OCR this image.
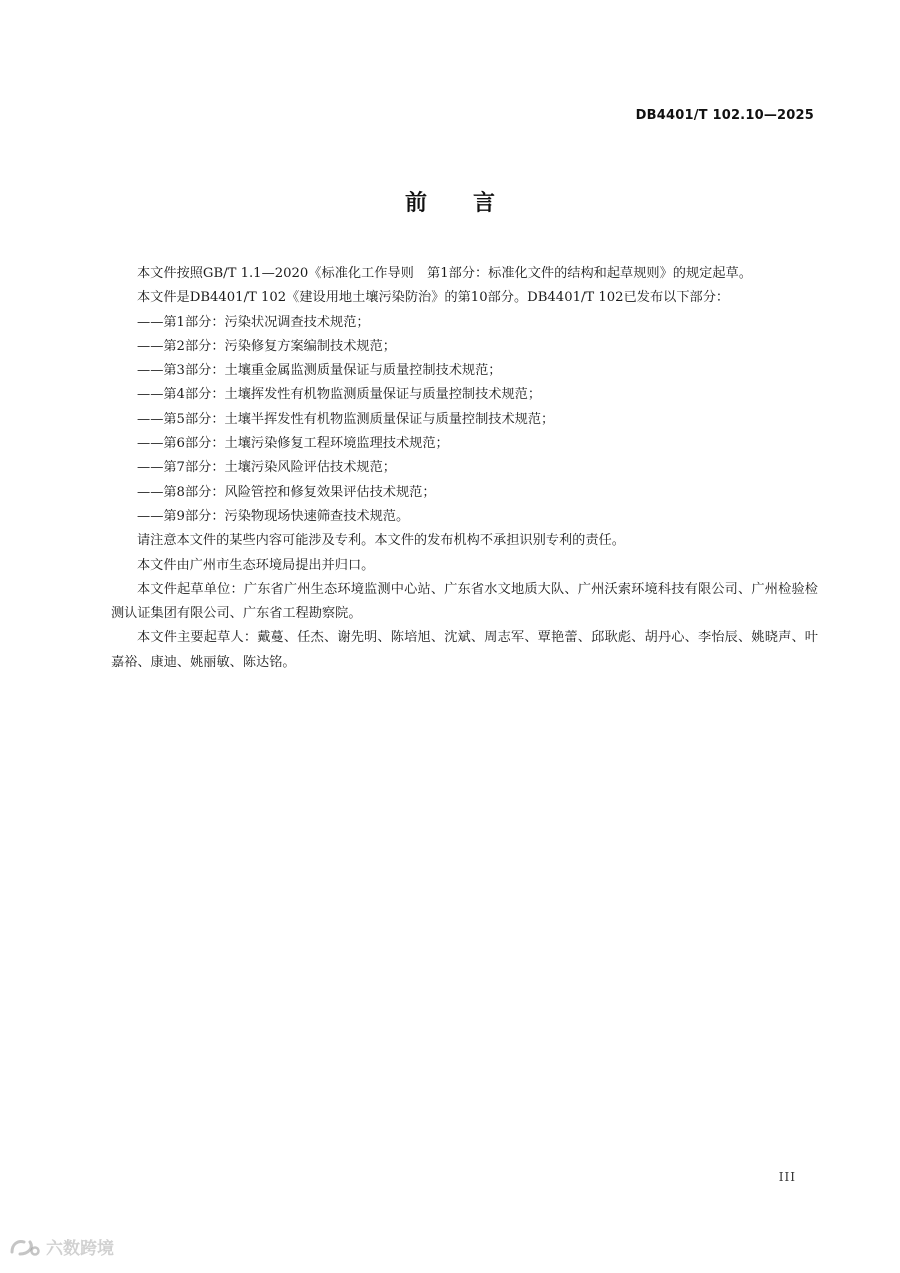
DB4401/T 102.10—2025
前言

本文件按照GB/T 1.1—2020《标准化工作导则　第1部分：标准化文件的结构和起草规则》的规定起草。

本文件是DB4401/T 102《建设用地土壤污染防治》的第10部分。DB4401/T 102已发布以下部分：

——第1部分：污染状况调查技术规范；
——第2部分：污染修复方案编制技术规范；
——第3部分：土壤重金属监测质量保证与质量控制技术规范；
——第4部分：土壤挥发性有机物监测质量保证与质量控制技术规范；
——第5部分：土壤半挥发性有机物监测质量保证与质量控制技术规范；
——第6部分：土壤污染修复工程环境监理技术规范；
——第7部分：土壤污染风险评估技术规范；
——第8部分：风险管控和修复效果评估技术规范；
——第9部分：污染物现场快速筛查技术规范。

请注意本文件的某些内容可能涉及专利。本文件的发布机构不承担识别专利的责任。

本文件由广州市生态环境局提出并归口。

本文件起草单位：广东省广州生态环境监测中心站、广东省水文地质大队、广州沃索环境科技有限公司、广州检验检测认证集团有限公司、广东省工程勘察院。

本文件主要起草人：戴蔓、任杰、谢先明、陈培旭、沈斌、周志军、覃艳蕾、邱耿彪、胡丹心、李怡辰、姚晓声、叶嘉裕、康迪、姚丽敏、陈达铭。

III
六数跨境
